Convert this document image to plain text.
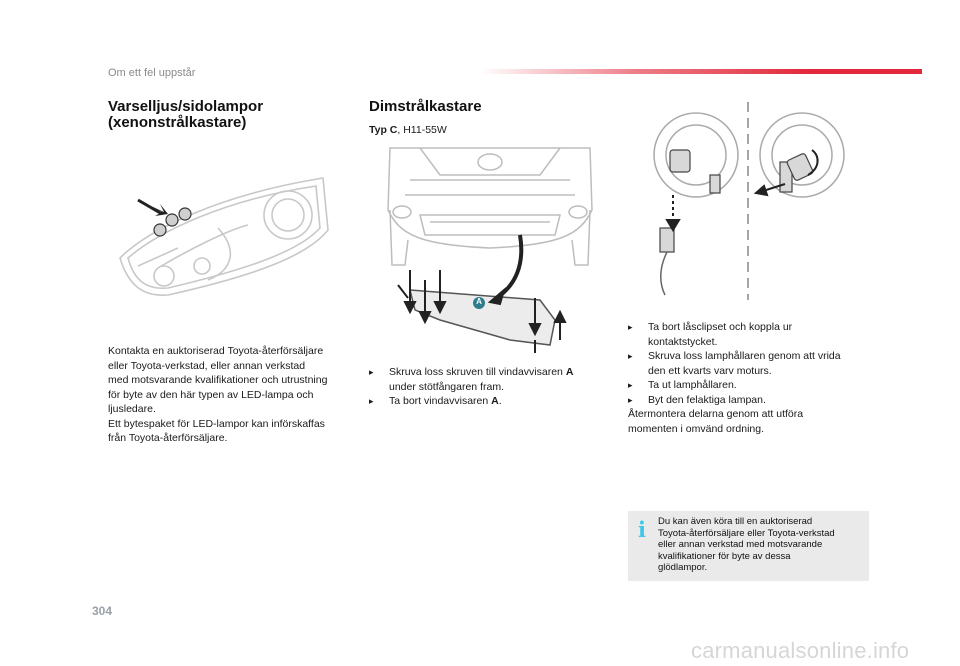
Om ett fel uppstår
Varselljus/sidolampor
(xenonstrålkastare)
Kontakta en auktoriserad Toyota-återförsäljare
eller Toyota-verkstad, eller annan verkstad
med motsvarande kvalifikationer och utrustning
för byte av den här typen av LED-lampa och
ljusledare.
Ett bytespaket för LED-lampor kan införskaffas
från Toyota-återförsäljare.
Dimstrålkastare
Typ C, H11-55W
A
▸ Skruva loss skruven till vindavvisaren A
under stötfångaren fram.
▸ Ta bort vindavvisaren A.
▸ Ta bort låsclipset och koppla ur
kontaktstycket.
▸ Skruva loss lamphållaren genom att vrida
den ett kvarts varv moturs.
▸ Ta ut lamphållaren.
▸ Byt den felaktiga lampan.
Återmontera delarna genom att utföra
momenten i omvänd ordning.
i Du kan även köra till en auktoriserad
Toyota-återförsäljare eller Toyota-verkstad
eller annan verkstad med motsvarande
kvalifikationer för byte av dessa
glödlampor.
304
carmanualsonline.info
